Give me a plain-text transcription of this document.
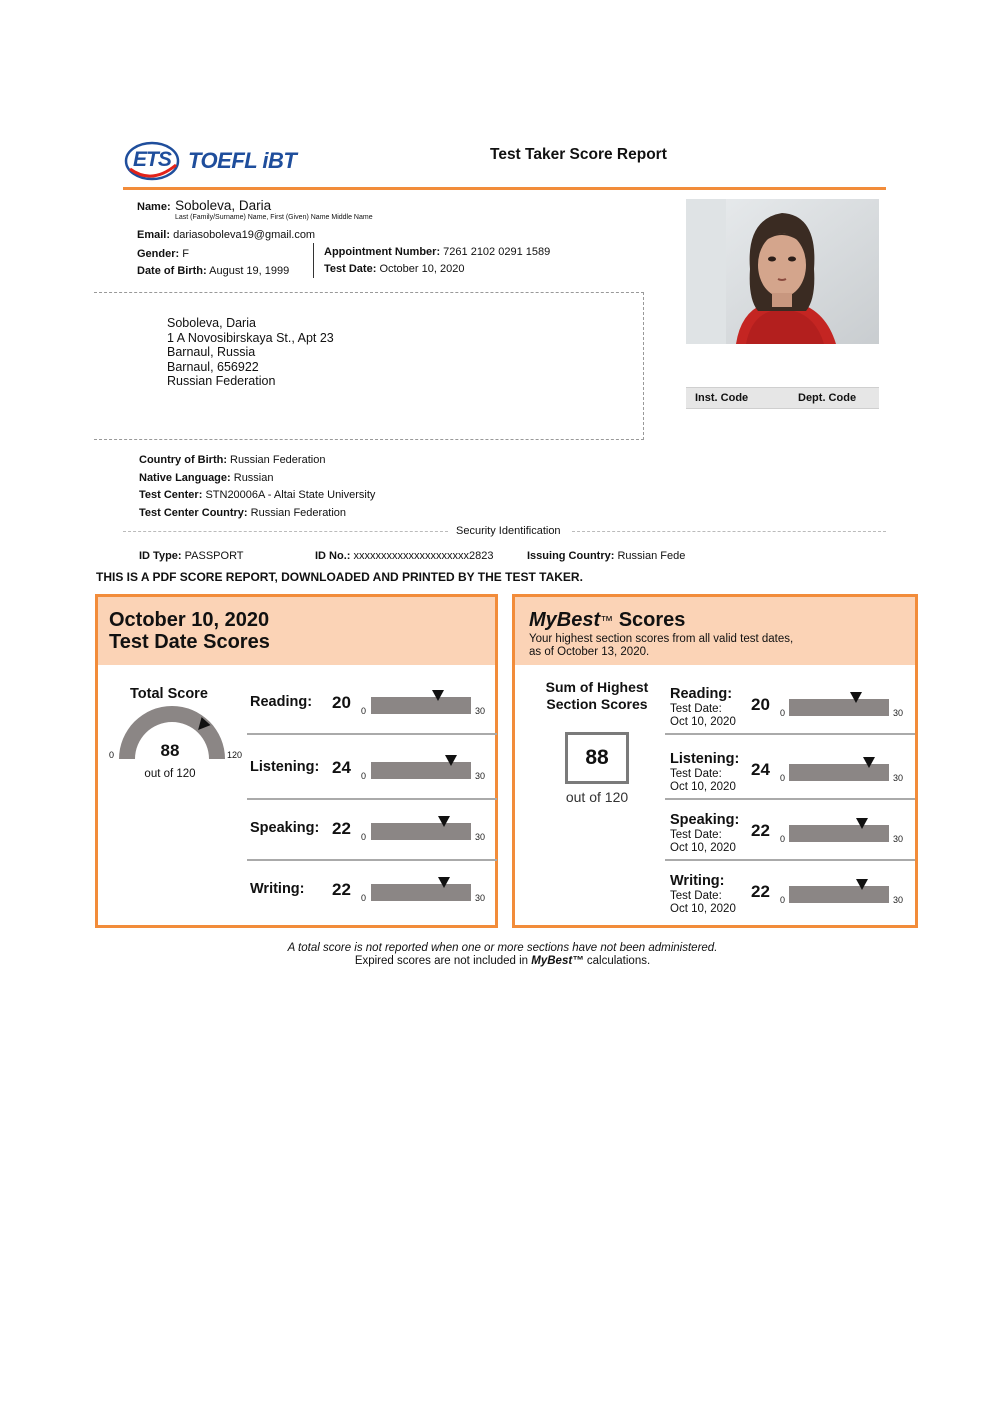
ETS TOEFL iBT	Test Taker Score Report
Name: Soboleva, Daria
Last (Family/Surname) Name, First (Given) Name Middle Name
Email: dariasoboleva19@gmail.com
Gender: F
Date of Birth: August 19, 1999
Appointment Number: 7261 2102 0291 1589
Test Date: October 10, 2020
Soboleva, Daria
1 A Novosibirskaya St., Apt 23
Barnaul, Russia
Barnaul, 656922
Russian Federation
Inst. Code	Dept. Code
Country of Birth: Russian Federation
Native Language: Russian
Test Center: STN20006A - Altai State University
Test Center Country: Russian Federation
Security Identification
ID Type: PASSPORT	ID No.: xxxxxxxxxxxxxxxxxxxxx2823	Issuing Country: Russian Fede
THIS IS A PDF SCORE REPORT, DOWNLOADED AND PRINTED BY THE TEST TAKER.
October 10, 2020
Test Date Scores
Total Score
0	120
88
out of 120
Reading: 20 0	30
Listening: 24 0	30
Speaking: 22 0	30
Writing: 22 0	30
MyBest™ Scores
Your highest section scores from all valid test dates,
as of October 13, 2020.
Sum of Highest
Section Scores
88
out of 120
Reading:
Test Date:
Oct 10, 2020
20 0	30
Listening:
Test Date:
Oct 10, 2020
24 0	30
Speaking:
Test Date:
Oct 10, 2020
22 0	30
Writing:
Test Date:
Oct 10, 2020
22 0	30
A total score is not reported when one or more sections have not been administered.
Expired scores are not included in MyBest™ calculations.
